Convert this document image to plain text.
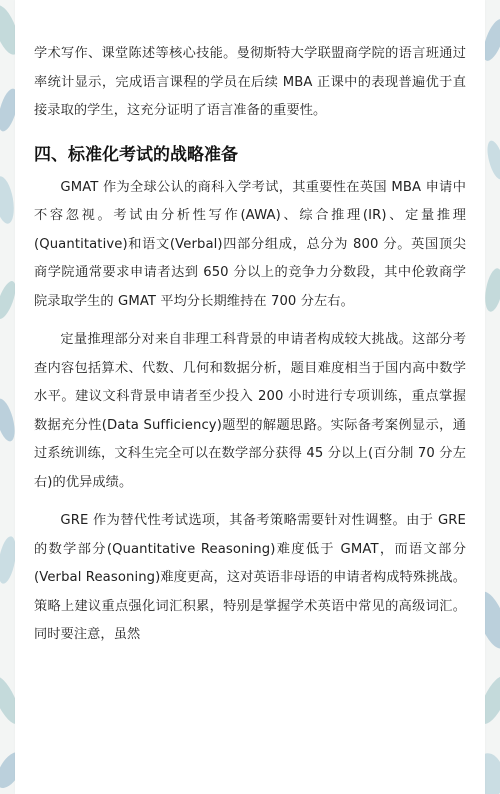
学术写作、课堂陈述等核心技能。曼彻斯特大学联盟商学院的语言班通过率统计显示，完成语言课程的学员在后续 MBA 正课中的表现普遍优于直接录取的学生，这充分证明了语言准备的重要性。

四、标准化考试的战略准备

GMAT 作为全球公认的商科入学考试，其重要性在英国 MBA 申请中不容忽视。考试由分析性写作(AWA)、综合推理(IR)、定量推理(Quantitative)和语文(Verbal)四部分组成，总分为 800 分。英国顶尖商学院通常要求申请者达到 650 分以上的竞争力分数段，其中伦敦商学院录取学生的 GMAT 平均分长期维持在 700 分左右。

定量推理部分对来自非理工科背景的申请者构成较大挑战。这部分考查内容包括算术、代数、几何和数据分析，题目难度相当于国内高中数学水平。建议文科背景申请者至少投入 200 小时进行专项训练，重点掌握数据充分性(Data Sufficiency)题型的解题思路。实际备考案例显示，通过系统训练，文科生完全可以在数学部分获得 45 分以上(百分制 70 分左右)的优异成绩。

GRE 作为替代性考试选项，其备考策略需要针对性调整。由于 GRE 的数学部分(Quantitative Reasoning)难度低于 GMAT，而语文部分(Verbal Reasoning)难度更高，这对英语非母语的申请者构成特殊挑战。策略上建议重点强化词汇积累，特别是掌握学术英语中常见的高级词汇。同时要注意，虽然
